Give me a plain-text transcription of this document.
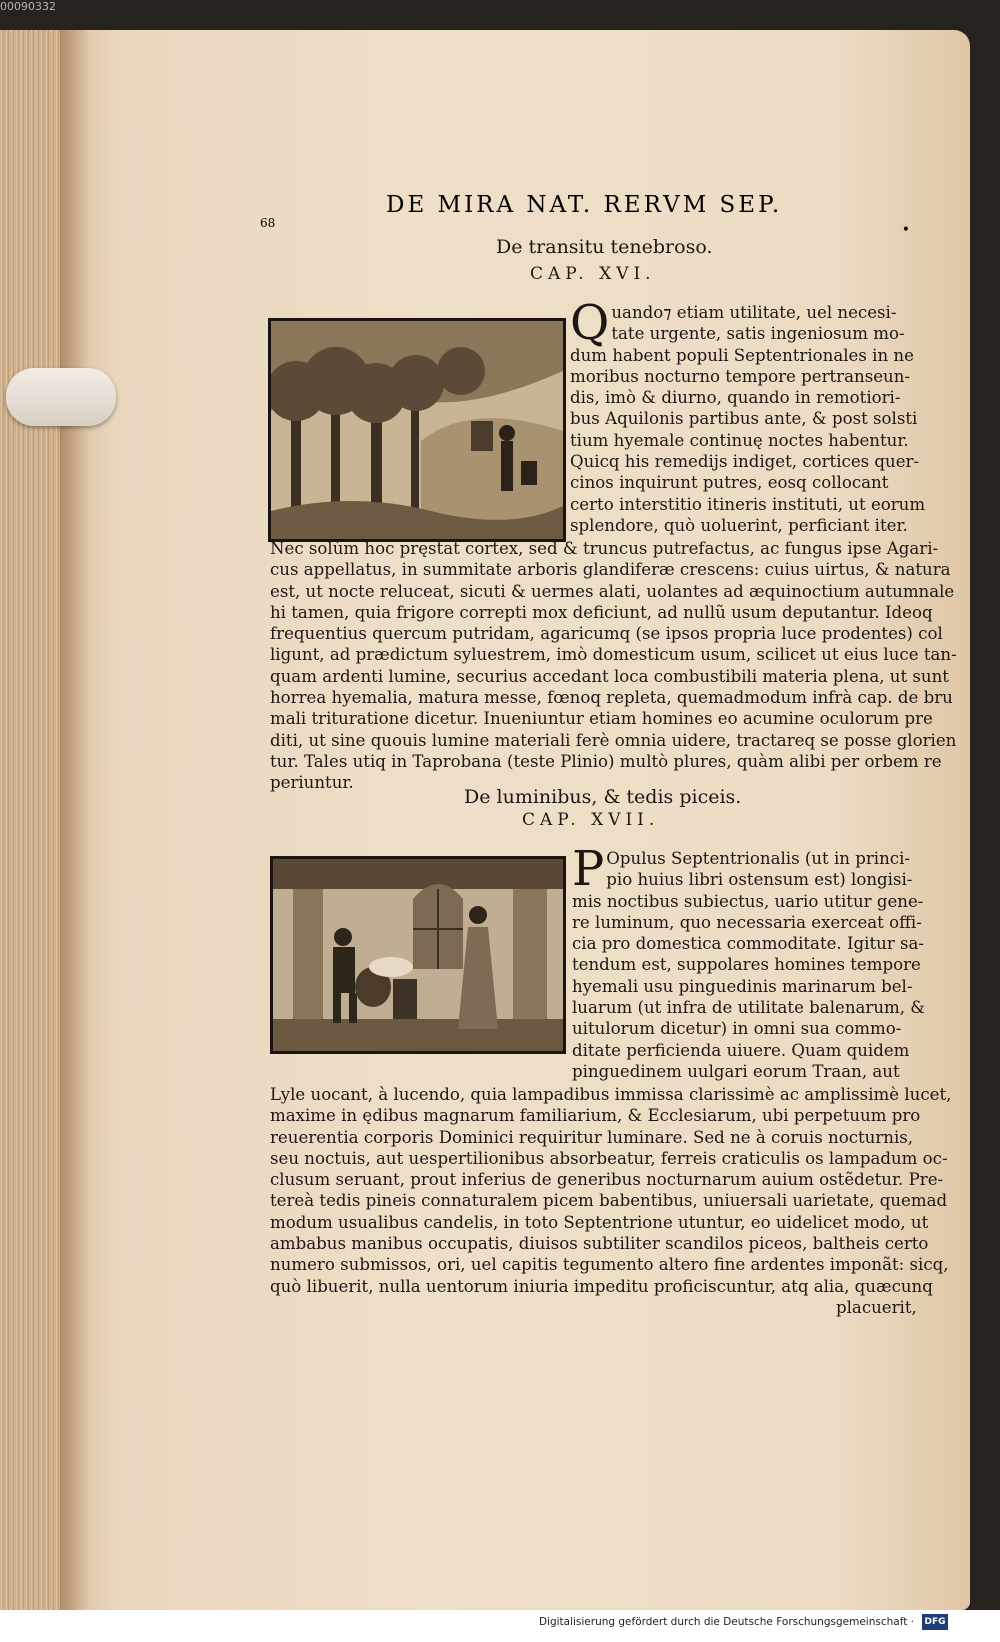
00090332
68
DE MIRA NAT. RERVM SEP.
•
De transitu tenebroso.
CAP. XVI.
Q uando⁊ etiam utilitate, uel necesi-
tate urgente, satis ingeniosum mo-
dum habent populi Septentrionales in ne
moribus nocturno tempore pertranseun-
dis, imò & diurno, quando in remotiori-
bus Aquilonis partibus ante, & post solsti
tium hyemale continuę noctes habentur.
Quicq his remedijs indiget, cortices quer-
cinos inquirunt putres, eosq collocant
certo interstitio itineris instituti, ut eorum
splendore, quò uoluerint, perficiant iter.
Nec solùm hoc pręstat cortex, sed & truncus putrefactus, ac fungus ipse Agari-
cus appellatus, in summitate arboris glandiferæ crescens: cuius uirtus, & natura
est, ut nocte reluceat, sicuti & uermes alati, uolantes ad æquinoctium autumnale
hi tamen, quia frigore correpti mox deficiunt, ad nullũ usum deputantur. Ideoq
frequentius quercum putridam, agaricumq (se ipsos propria luce prodentes) col
ligunt, ad prædictum syluestrem, imò domesticum usum, scilicet ut eius luce tan-
quam ardenti lumine, securius accedant loca combustibili materia plena, ut sunt
horrea hyemalia, matura messe, fœnoq repleta, quemadmodum infrà cap. de bru
mali trituratione dicetur. Inueniuntur etiam homines eo acumine oculorum pre
diti, ut sine quouis lumine materiali ferè omnia uidere, tractareq se posse glorien
tur. Tales utiq in Taprobana (teste Plinio) multò plures, quàm alibi per orbem re
periuntur.
De luminibus, & tedis piceis.
CAP. XVII.
P Opulus Septentrionalis (ut in princi-
pio huius libri ostensum est) longisi-
mis noctibus subiectus, uario utitur gene-
re luminum, quo necessaria exerceat offi-
cia pro domestica commoditate. Igitur sa-
tendum est, suppolares homines tempore
hyemali usu pinguedinis marinarum bel-
luarum (ut infra de utilitate balenarum, &
uitulorum dicetur) in omni sua commo-
ditate perficienda uiuere. Quam quidem
pinguedinem uulgari eorum Traan, aut
Lyle uocant, à lucendo, quia lampadibus immissa clarissimè ac amplissimè lucet,
maxime in ędibus magnarum familiarium, & Ecclesiarum, ubi perpetuum pro
reuerentia corporis Dominici requiritur luminare. Sed ne à coruis nocturnis,
seu noctuis, aut uespertilionibus absorbeatur, ferreis craticulis os lampadum oc-
clusum seruant, prout inferius de generibus nocturnarum auium ostẽdetur. Pre-
tereà tedis pineis connaturalem picem babentibus, uniuersali uarietate, quemad
modum usualibus candelis, in toto Septentrione utuntur, eo uidelicet modo, ut
ambabus manibus occupatis, diuisos subtiliter scandilos piceos, baltheis certo
numero submissos, ori, uel capitis tegumento altero fine ardentes imponãt: sicq,
quò libuerit, nulla uentorum iniuria impeditu proficiscuntur, atq alia, quæcunq
placuerit,
Digitalisierung gefördert durch die Deutsche Forschungsgemeinschaft · DFG
